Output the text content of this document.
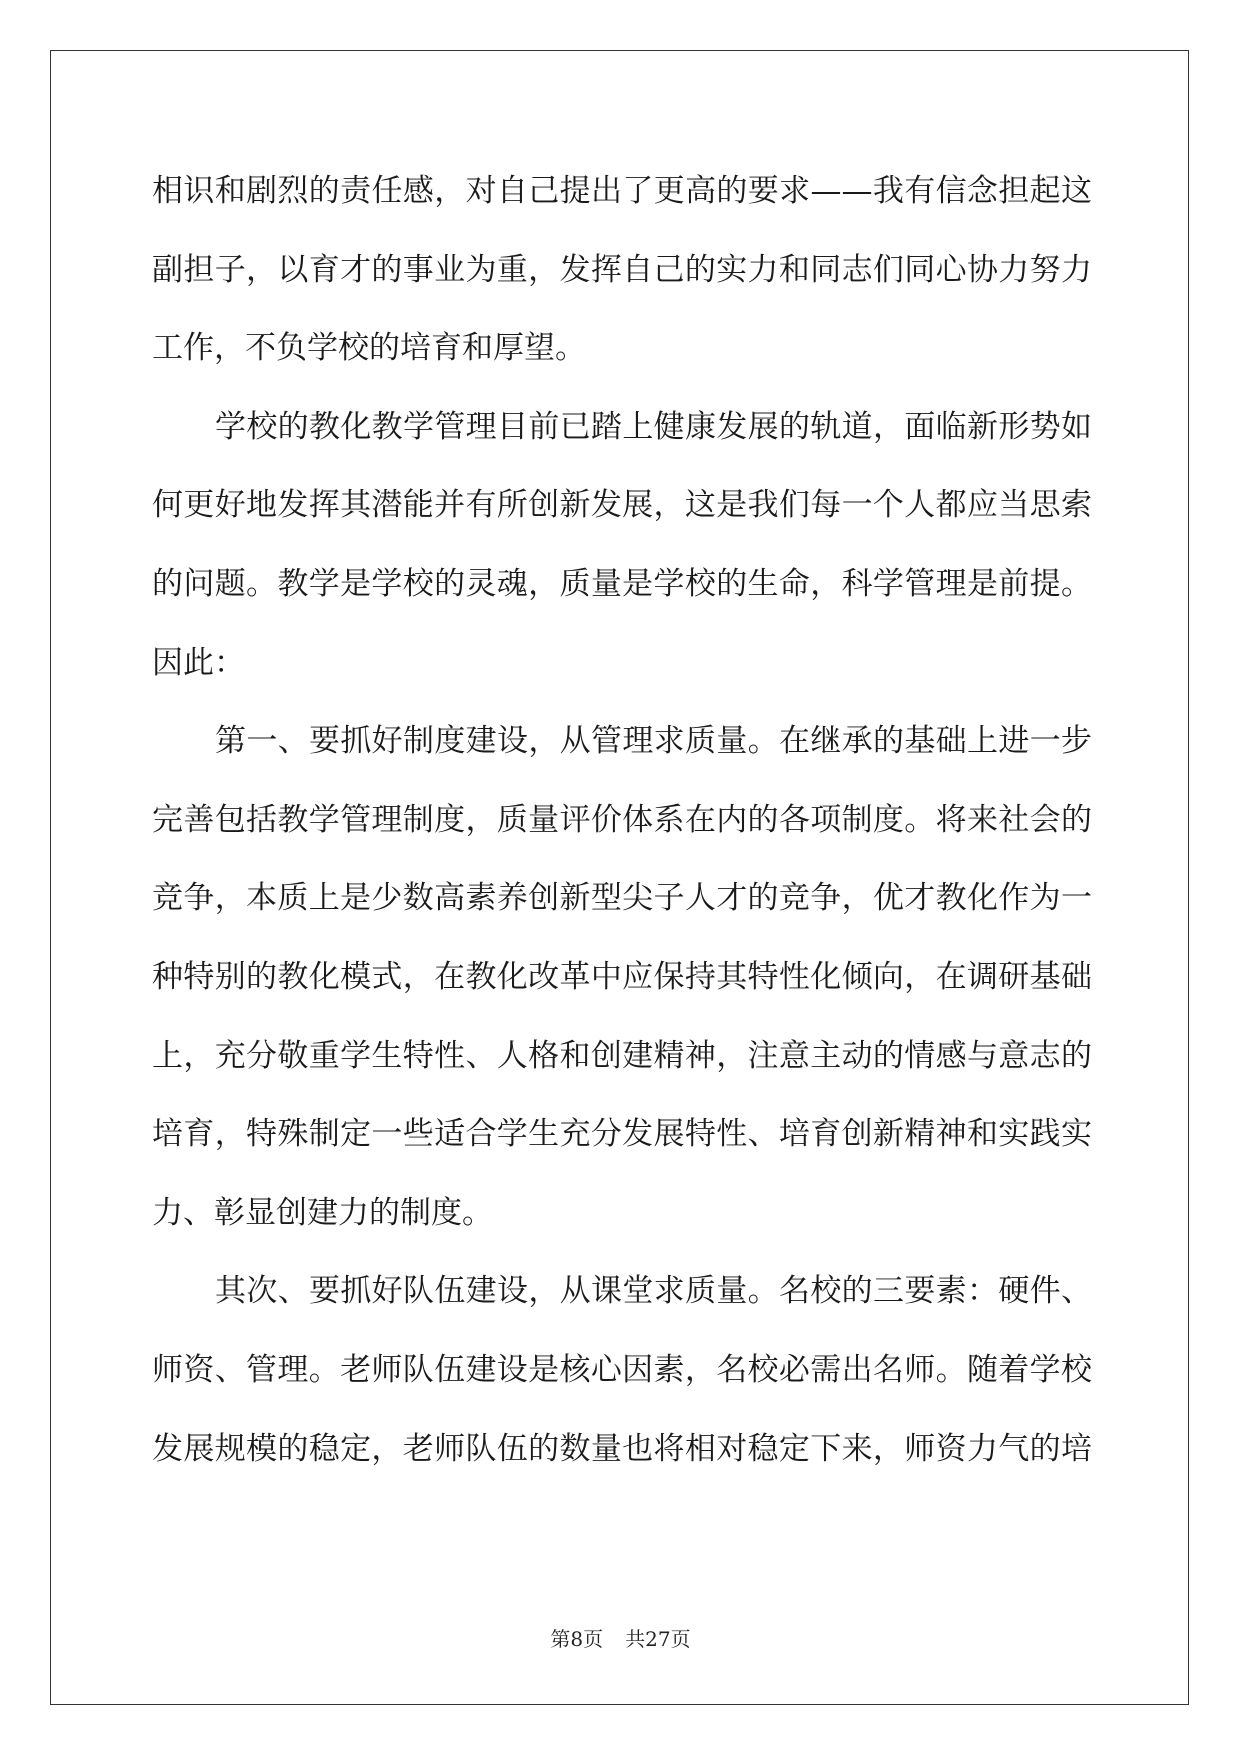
相识和剧烈的责任感，对自己提出了更高的要求——我有信念担起这
副担子，以育才的事业为重，发挥自己的实力和同志们同心协力努力
工作，不负学校的培育和厚望。
学校的教化教学管理目前已踏上健康发展的轨道，面临新形势如
何更好地发挥其潜能并有所创新发展，这是我们每一个人都应当思索
的问题。教学是学校的灵魂，质量是学校的生命，科学管理是前提。
因此：
第一、要抓好制度建设，从管理求质量。在继承的基础上进一步
完善包括教学管理制度，质量评价体系在内的各项制度。将来社会的
竞争，本质上是少数高素养创新型尖子人才的竞争，优才教化作为一
种特别的教化模式，在教化改革中应保持其特性化倾向，在调研基础
上，充分敬重学生特性、人格和创建精神，注意主动的情感与意志的
培育，特殊制定一些适合学生充分发展特性、培育创新精神和实践实
力、彰显创建力的制度。
其次、要抓好队伍建设，从课堂求质量。名校的三要素：硬件、
师资、管理。老师队伍建设是核心因素，名校必需出名师。随着学校
发展规模的稳定，老师队伍的数量也将相对稳定下来，师资力气的培
第8页 共27页
